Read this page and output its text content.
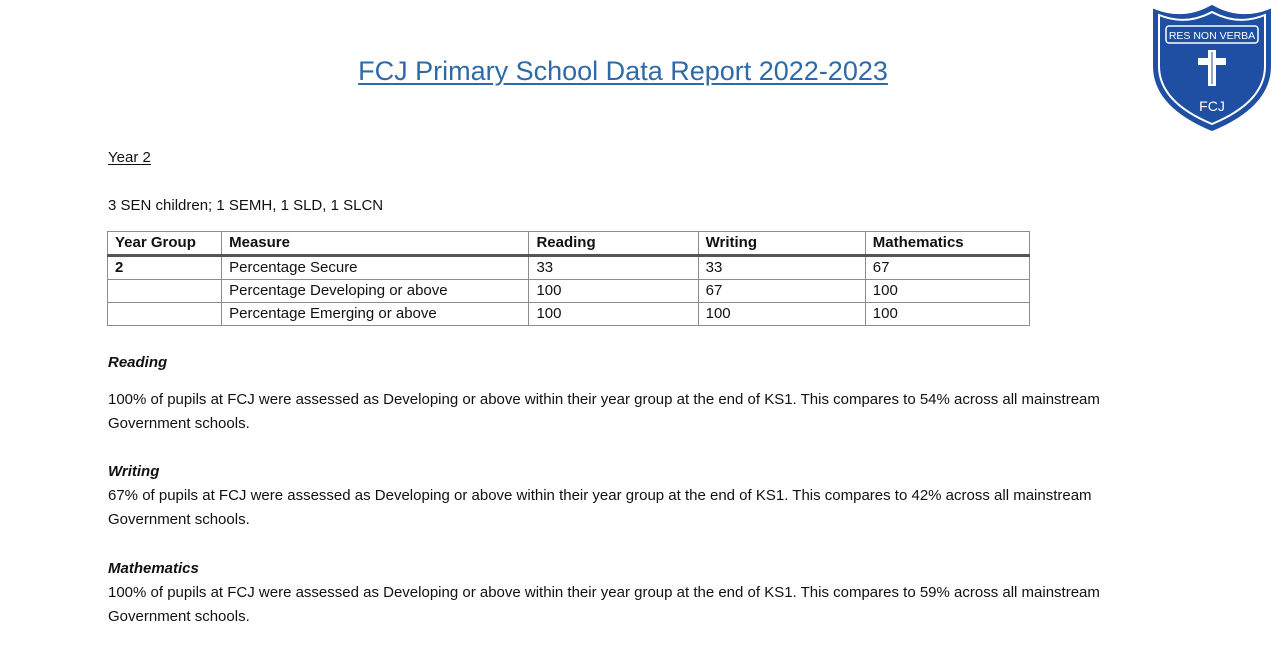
FCJ Primary School Data Report 2022-2023
RES NON VERBA
FCJ
Year 2
3 SEN children; 1 SEMH, 1 SLD, 1 SLCN
Year Group	Measure	Reading	Writing	Mathematics
2	Percentage Secure	33	33	67
	Percentage Developing or above	100	67	100
	Percentage Emerging or above	100	100	100
Reading
100% of pupils at FCJ were assessed as Developing or above within their year group at the end of KS1. This compares to 54% across all mainstream Government schools.
Writing
67% of pupils at FCJ were assessed as Developing or above within their year group at the end of KS1. This compares to 42% across all mainstream Government schools.
Mathematics
100% of pupils at FCJ were assessed as Developing or above within their year group at the end of KS1. This compares to 59% across all mainstream Government schools.
